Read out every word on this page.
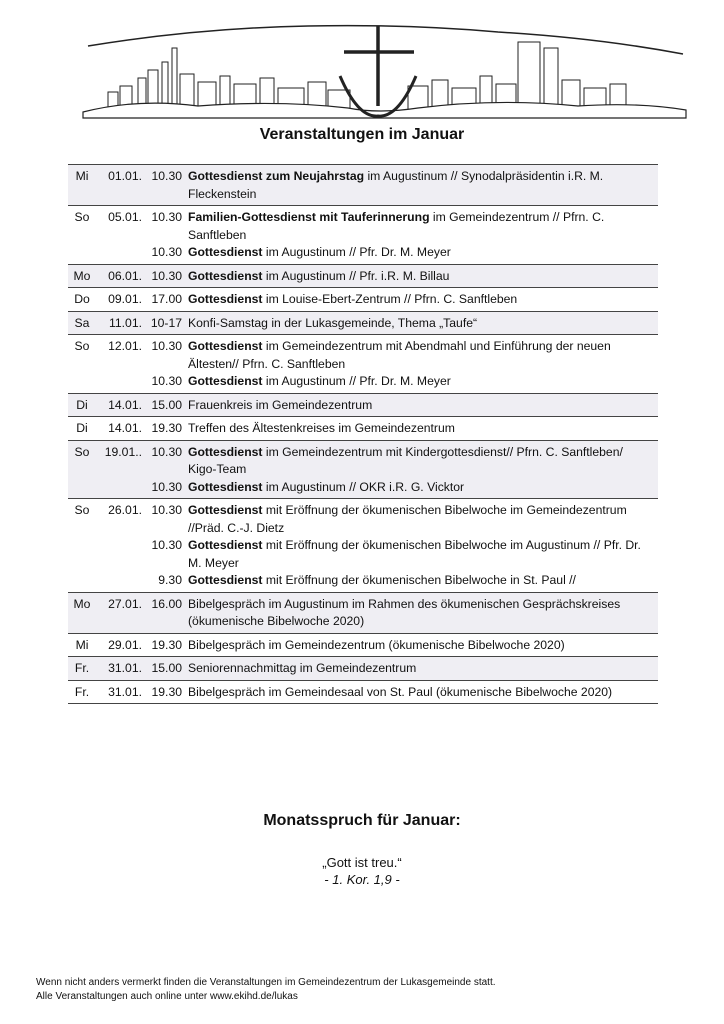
Veranstaltungen im Januar
Mi	01.01. 10.30 Gottesdienst zum Neujahrstag im Augustinum // Synodalpräsidentin i.R. M. Fleckenstein
So	05.01. 10.30 Familien-Gottesdienst mit Tauferinnerung im Gemeindezentrum // Pfrn. C. Sanftleben
10.30 Gottesdienst im Augustinum // Pfr. Dr. M. Meyer
Mo	06.01. 10.30 Gottesdienst im Augustinum // Pfr. i.R. M. Billau
Do	09.01. 17.00 Gottesdienst im Louise-Ebert-Zentrum // Pfrn. C. Sanftleben
Sa	11.01. 10-17 Konfi-Samstag in der Lukasgemeinde, Thema „Taufe“
So	12.01. 10.30 Gottesdienst im Gemeindezentrum mit Abendmahl und Einführung der neuen Ältesten// Pfrn. C. Sanftleben
10.30 Gottesdienst im Augustinum // Pfr. Dr. M. Meyer
Di	14.01. 15.00 Frauenkreis im Gemeindezentrum
Di	14.01. 19.30 Treffen des Ältestenkreises im Gemeindezentrum
So	19.01.. 10.30 Gottesdienst im Gemeindezentrum mit Kindergottesdienst// Pfrn. C. Sanftleben/ Kigo-Team
10.30 Gottesdienst im Augustinum // OKR i.R. G. Vicktor
So	26.01. 10.30 Gottesdienst mit Eröffnung der ökumenischen Bibelwoche im Gemeindezentrum //Präd. C.-J. Dietz
10.30 Gottesdienst mit Eröffnung der ökumenischen Bibelwoche im Augustinum // Pfr. Dr. M. Meyer
9.30 Gottesdienst mit Eröffnung der ökumenischen Bibelwoche in St. Paul //
Mo	27.01. 16.00 Bibelgespräch im Augustinum im Rahmen des ökumenischen Gesprächskreises (ökumenische Bibelwoche 2020)
Mi	29.01. 19.30 Bibelgespräch im Gemeindezentrum (ökumenische Bibelwoche 2020)
Fr.	31.01. 15.00 Seniorennachmittag im Gemeindezentrum
Fr.	31.01. 19.30 Bibelgespräch im Gemeindesaal von St. Paul (ökumenische Bibelwoche 2020)
Monatsspruch für Januar:
„Gott ist treu.“
- 1. Kor. 1,9 -
Wenn nicht anders vermerkt finden die Veranstaltungen im Gemeindezentrum der Lukasgemeinde statt.
Alle Veranstaltungen auch online unter www.ekihd.de/lukas
